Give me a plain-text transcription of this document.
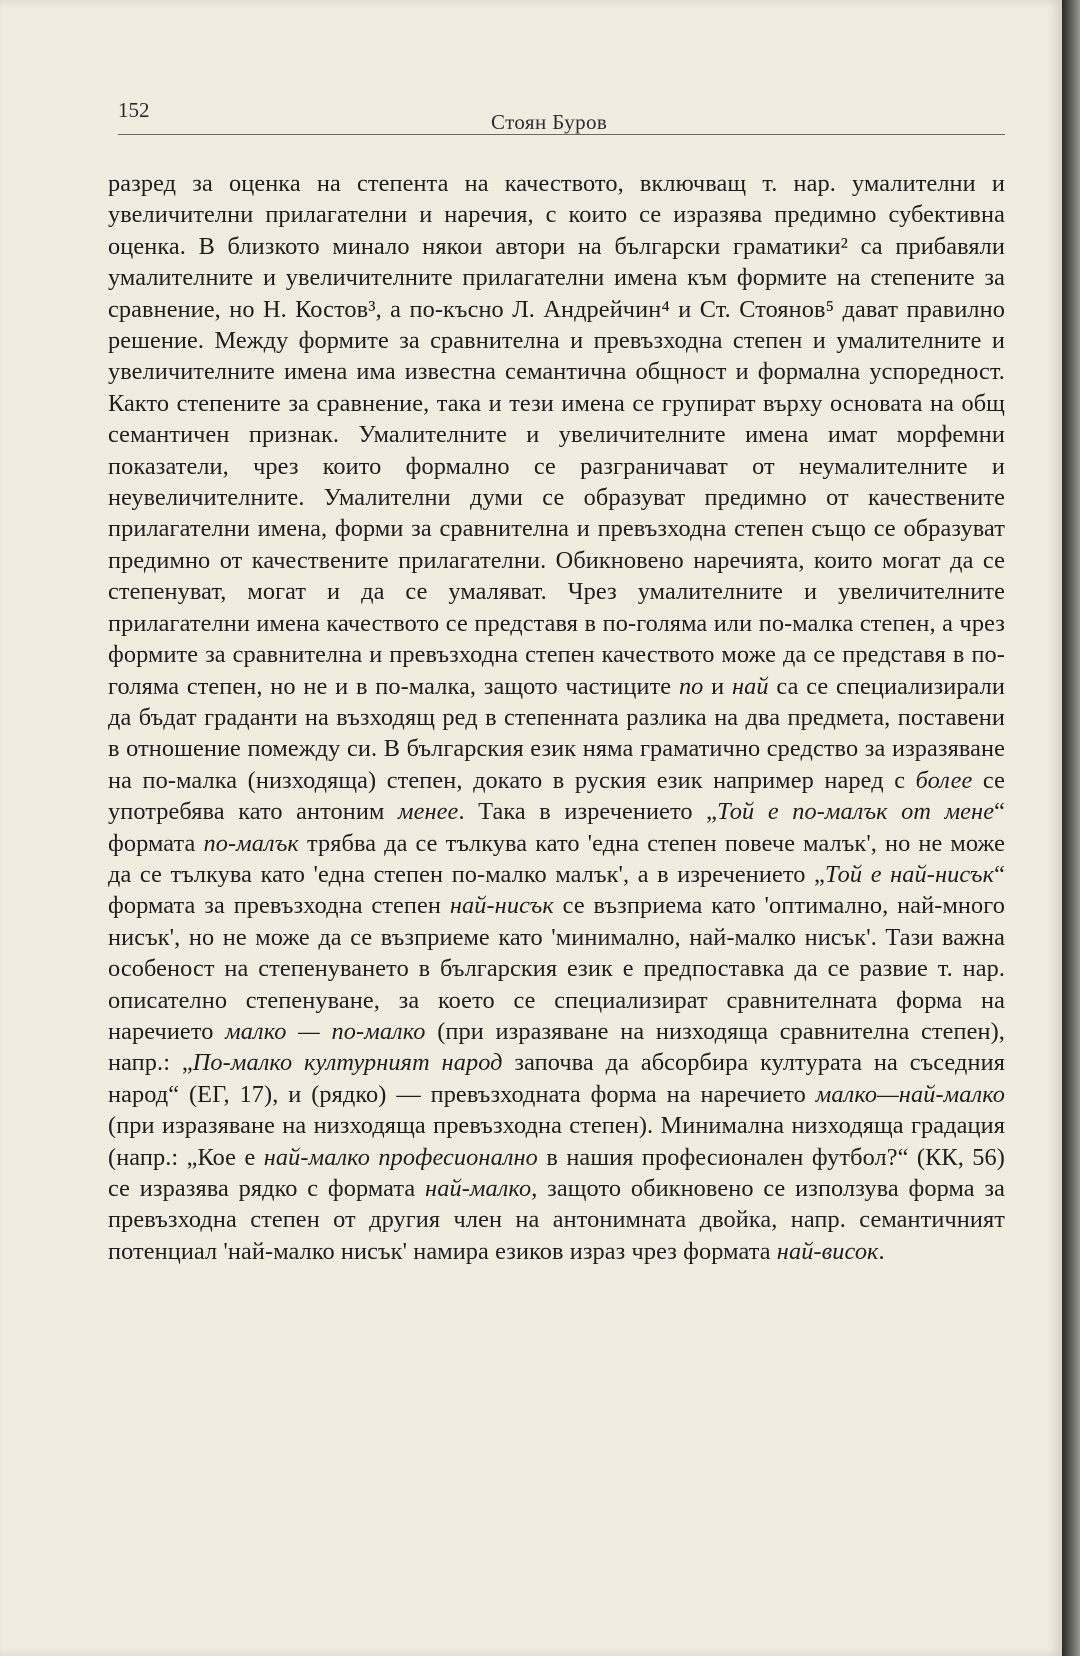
152	Стоян Буров

разред за оценка на степента на качеството, включващ т. нар. умалителни и увеличителни прилагателни и наречия, с които се изразява предимно субективна оценка. В близкото минало някои автори на български граматики² са прибавяли умалителните и увеличителните прилагателни имена към формите на степените за сравнение, но Н. Костов³, а по-късно Л. Андрейчин⁴ и Ст. Стоянов⁵ дават правилно решение. Между формите за сравнителна и превъзходна степен и умалителните и увеличителните имена има известна семантична общност и формална успоредност. Както степените за сравнение, така и тези имена се групират върху основата на общ семантичен признак. Умалителните и увеличителните имена имат морфемни показатели, чрез които формално се разграничават от неумалителните и неувеличителните. Умалителни думи се образуват предимно от качествените прилагателни имена, форми за сравнителна и превъзходна степен също се образуват предимно от качествените прилагателни. Обикновено наречията, които могат да се степенуват, могат и да се умаляват. Чрез умалителните и увеличителните прилагателни имена качеството се представя в по-голяма или по-малка степен, а чрез формите за сравнителна и превъзходна степен качеството може да се представя в по-голяма степен, но не и в по-малка, защото частиците по и най са се специализирали да бъдат граданти на възходящ ред в степенната разлика на два предмета, поставени в отношение помежду си. В българския език няма граматично средство за изразяване на по-малка (низходяща) степен, докато в руския език например наред с более се употребява като антоним менее. Така в изречението „Той е по-малък от мене“ формата по-малък трябва да се тълкува като 'една степен повече малък', но не може да се тълкува като 'една степен по-малко малък', а в изречението „Той е най-нисък“ формата за превъзходна степен най-нисък се възприема като 'оптимално, най-много нисък', но не може да се възприеме като 'минимално, най-малко нисък'. Тази важна особеност на степенуването в българския език е предпоставка да се развие т. нар. описателно степенуване, за което се специализират сравнителната форма на наречието малко — по-малко (при изразяване на низходяща сравнителна степен), напр.: „По-малко културният народ започва да абсорбира културата на съседния народ“ (ЕГ, 17), и (рядко) — превъзходната форма на наречието малко—най-малко (при изразяване на низходяща превъзходна степен). Минимална низходяща градация (напр.: „Кое е най-малко професионално в нашия професионален футбол?“ (КК, 56) се изразява рядко с формата най-малко, защото обикновено се използува форма за превъзходна степен от другия член на антонимната двойка, напр. семантичният потенциал 'най-малко нисък' намира езиков израз чрез формата най-висок.
